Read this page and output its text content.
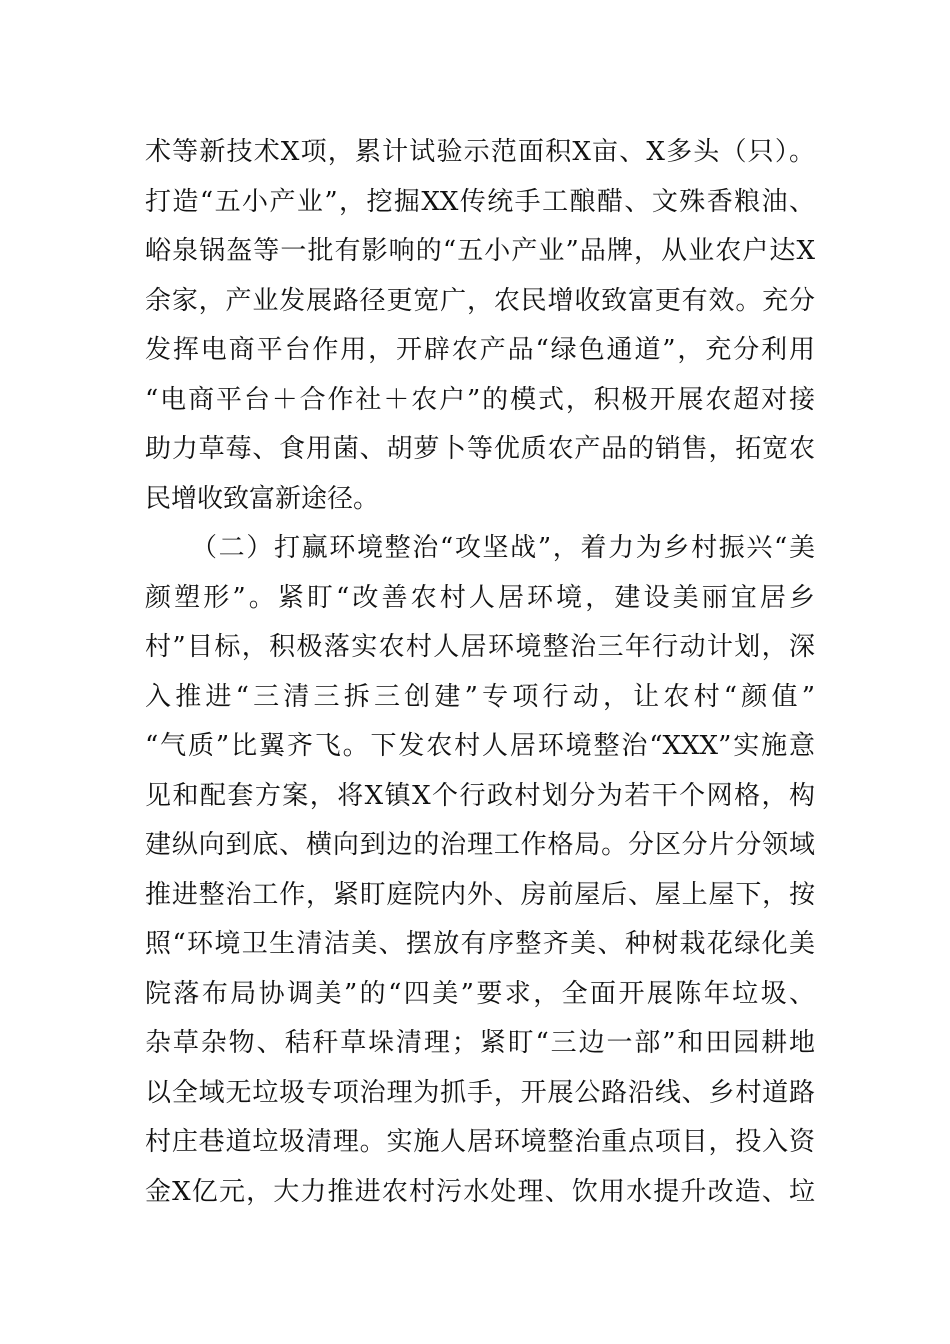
术等新技术X项，累计试验示范面积X亩、X多头（只）。
打造“五小产业”，挖掘XX传统手工酿醋、文殊香粮油、
峪泉锅盔等一批有影响的“五小产业”品牌，从业农户达X
余家，产业发展路径更宽广，农民增收致富更有效。充分
发挥电商平台作用，开辟农产品“绿色通道”，充分利用
“电商平台＋合作社＋农户”的模式，积极开展农超对接
助力草莓、食用菌、胡萝卜等优质农产品的销售，拓宽农
民增收致富新途径。
（二）打赢环境整治“攻坚战”，着力为乡村振兴“美
颜塑形”。紧盯“改善农村人居环境，建设美丽宜居乡
村”目标，积极落实农村人居环境整治三年行动计划，深
入推进“三清三拆三创建”专项行动，让农村“颜值”
“气质”比翼齐飞。下发农村人居环境整治“XXX”实施意
见和配套方案，将X镇X个行政村划分为若干个网格，构
建纵向到底、横向到边的治理工作格局。分区分片分领域
推进整治工作，紧盯庭院内外、房前屋后、屋上屋下，按
照“环境卫生清洁美、摆放有序整齐美、种树栽花绿化美
院落布局协调美”的“四美”要求，全面开展陈年垃圾、
杂草杂物、秸秆草垛清理；紧盯“三边一部”和田园耕地
以全域无垃圾专项治理为抓手，开展公路沿线、乡村道路
村庄巷道垃圾清理。实施人居环境整治重点项目，投入资
金X亿元，大力推进农村污水处理、饮用水提升改造、垃
